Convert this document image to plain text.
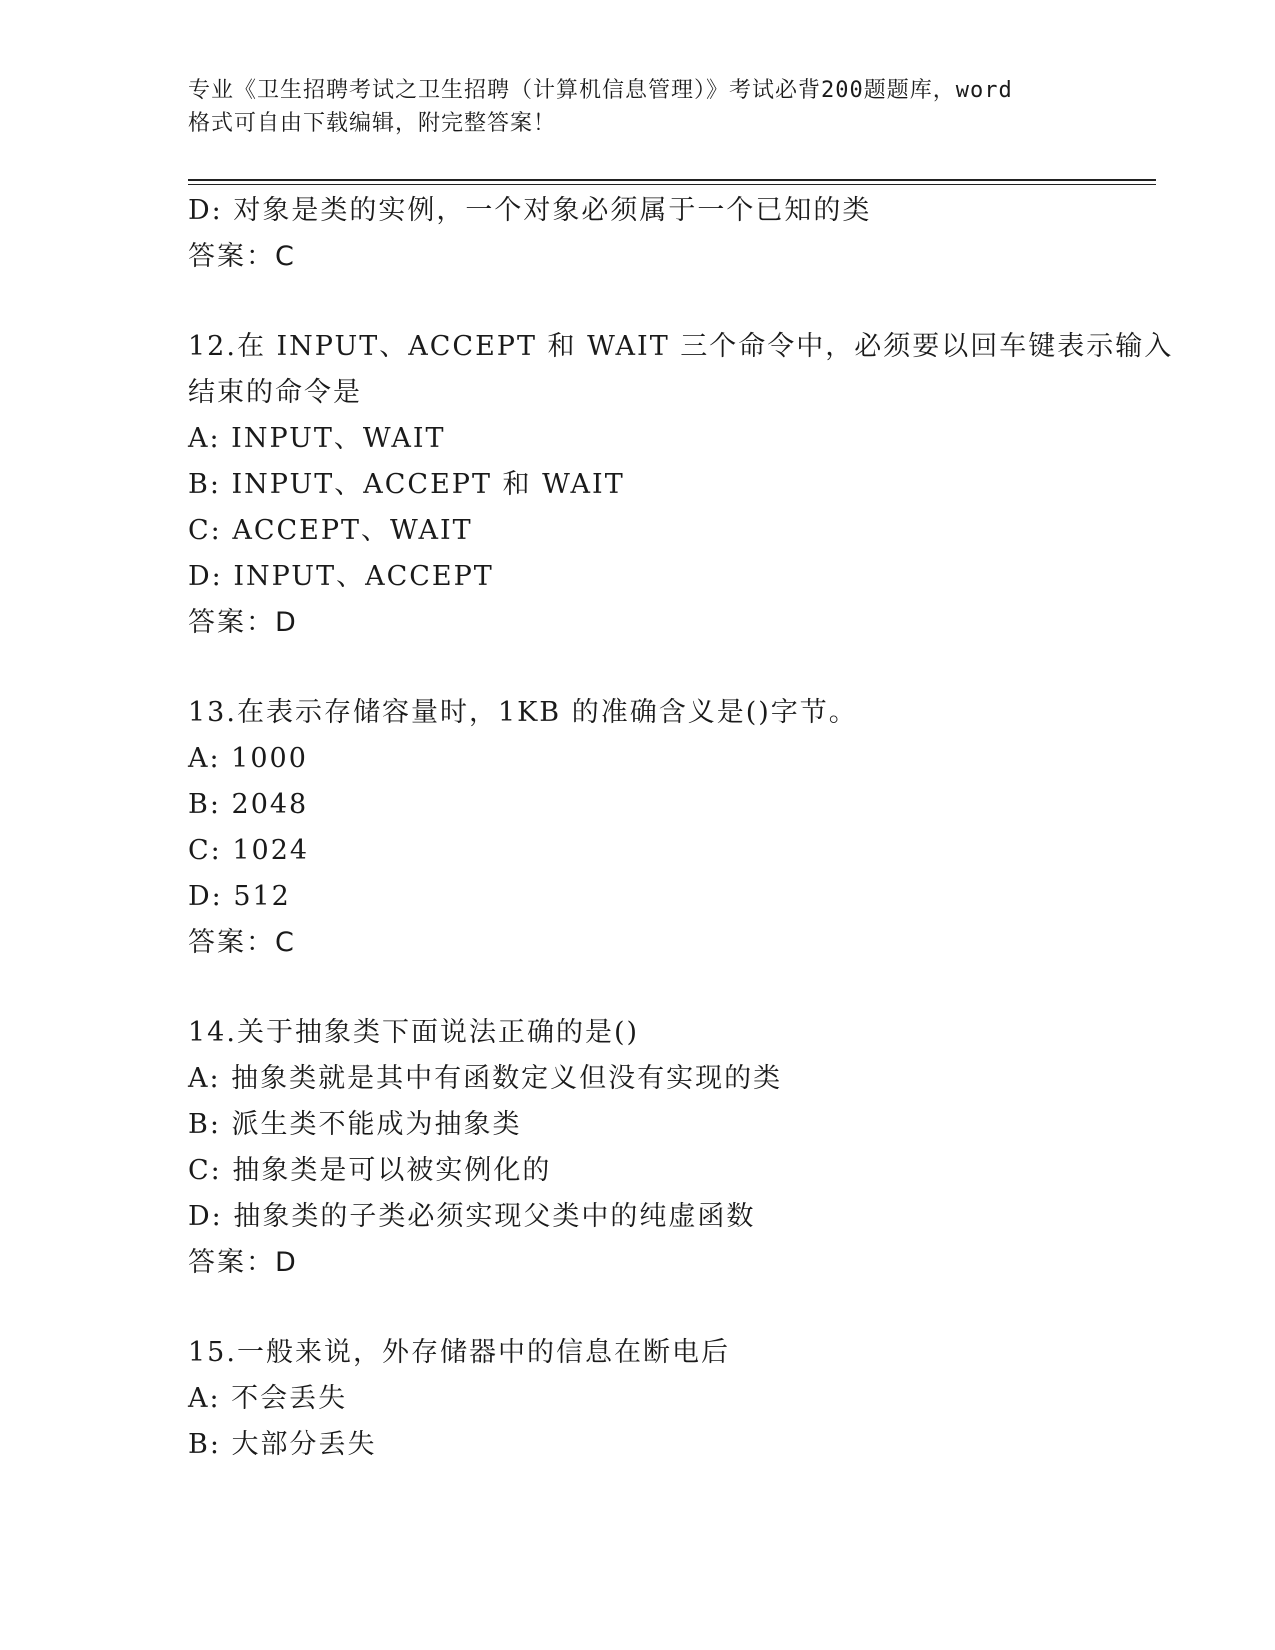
专业《卫生招聘考试之卫生招聘（计算机信息管理）》考试必背200题题库，word
格式可自由下载编辑，附完整答案！

D: 对象是类的实例，一个对象必须属于一个已知的类

答案：C

12.在 INPUT、ACCEPT 和 WAIT 三个命令中，必须要以回车键表示输入

结束的命令是

A: INPUT、WAIT

B: INPUT、ACCEPT 和 WAIT

C: ACCEPT、WAIT

D: INPUT、ACCEPT

答案：D

13.在表示存储容量时，1KB 的准确含义是()字节。

A: 1000

B: 2048

C: 1024

D: 512

答案：C

14.关于抽象类下面说法正确的是()

A: 抽象类就是其中有函数定义但没有实现的类

B: 派生类不能成为抽象类

C: 抽象类是可以被实例化的

D: 抽象类的子类必须实现父类中的纯虚函数

答案：D

15.一般来说，外存储器中的信息在断电后

A: 不会丢失

B: 大部分丢失
